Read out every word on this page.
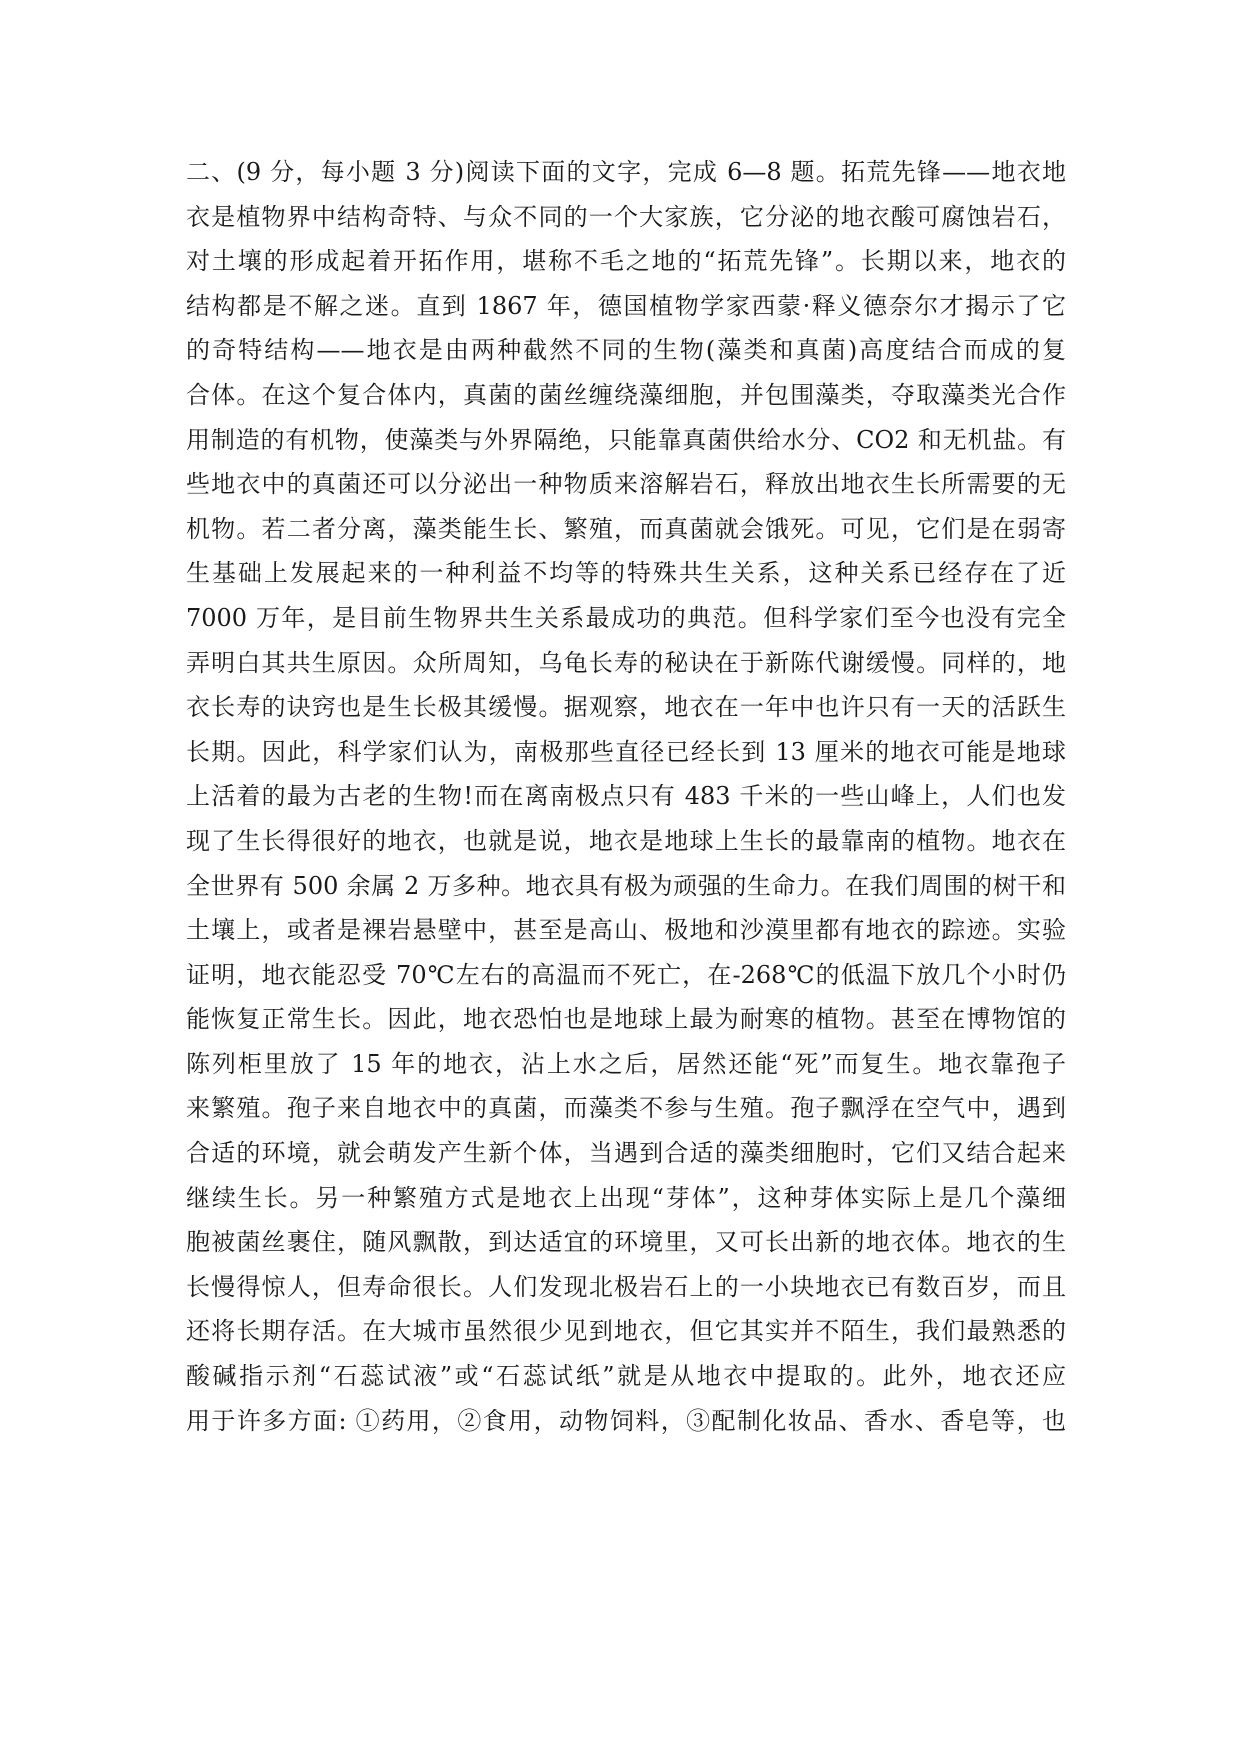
二、(9 分，每小题 3 分)阅读下面的文字，完成 6—8 题。拓荒先锋——地衣地
衣是植物界中结构奇特、与众不同的一个大家族，它分泌的地衣酸可腐蚀岩石，
对土壤的形成起着开拓作用，堪称不毛之地的“拓荒先锋”。长期以来，地衣的
结构都是不解之迷。直到 1867 年，德国植物学家西蒙·释义德奈尔才揭示了它
的奇特结构——地衣是由两种截然不同的生物(藻类和真菌)高度结合而成的复
合体。在这个复合体内，真菌的菌丝缠绕藻细胞，并包围藻类，夺取藻类光合作
用制造的有机物，使藻类与外界隔绝，只能靠真菌供给水分、CO2 和无机盐。有
些地衣中的真菌还可以分泌出一种物质来溶解岩石，释放出地衣生长所需要的无
机物。若二者分离，藻类能生长、繁殖，而真菌就会饿死。可见，它们是在弱寄
生基础上发展起来的一种利益不均等的特殊共生关系，这种关系已经存在了近
7000 万年，是目前生物界共生关系最成功的典范。但科学家们至今也没有完全
弄明白其共生原因。众所周知，乌龟长寿的秘诀在于新陈代谢缓慢。同样的，地
衣长寿的诀窍也是生长极其缓慢。据观察，地衣在一年中也许只有一天的活跃生
长期。因此，科学家们认为，南极那些直径已经长到 13 厘米的地衣可能是地球
上活着的最为古老的生物!而在离南极点只有 483 千米的一些山峰上，人们也发
现了生长得很好的地衣，也就是说，地衣是地球上生长的最靠南的植物。地衣在
全世界有 500 余属 2 万多种。地衣具有极为顽强的生命力。在我们周围的树干和
土壤上，或者是裸岩悬壁中，甚至是高山、极地和沙漠里都有地衣的踪迹。实验
证明，地衣能忍受 70℃左右的高温而不死亡，在-268℃的低温下放几个小时仍
能恢复正常生长。因此，地衣恐怕也是地球上最为耐寒的植物。甚至在博物馆的
陈列柜里放了 15 年的地衣，沾上水之后，居然还能“死”而复生。地衣靠孢子
来繁殖。孢子来自地衣中的真菌，而藻类不参与生殖。孢子飘浮在空气中，遇到
合适的环境，就会萌发产生新个体，当遇到合适的藻类细胞时，它们又结合起来
继续生长。另一种繁殖方式是地衣上出现“芽体”，这种芽体实际上是几个藻细
胞被菌丝裹住，随风飘散，到达适宜的环境里，又可长出新的地衣体。地衣的生
长慢得惊人，但寿命很长。人们发现北极岩石上的一小块地衣已有数百岁，而且
还将长期存活。在大城市虽然很少见到地衣，但它其实并不陌生，我们最熟悉的
酸碱指示剂“石蕊试液”或“石蕊试纸”就是从地衣中提取的。此外，地衣还应
用于许多方面: ①药用，②食用，动物饲料，③配制化妆品、香水、香皂等，也
